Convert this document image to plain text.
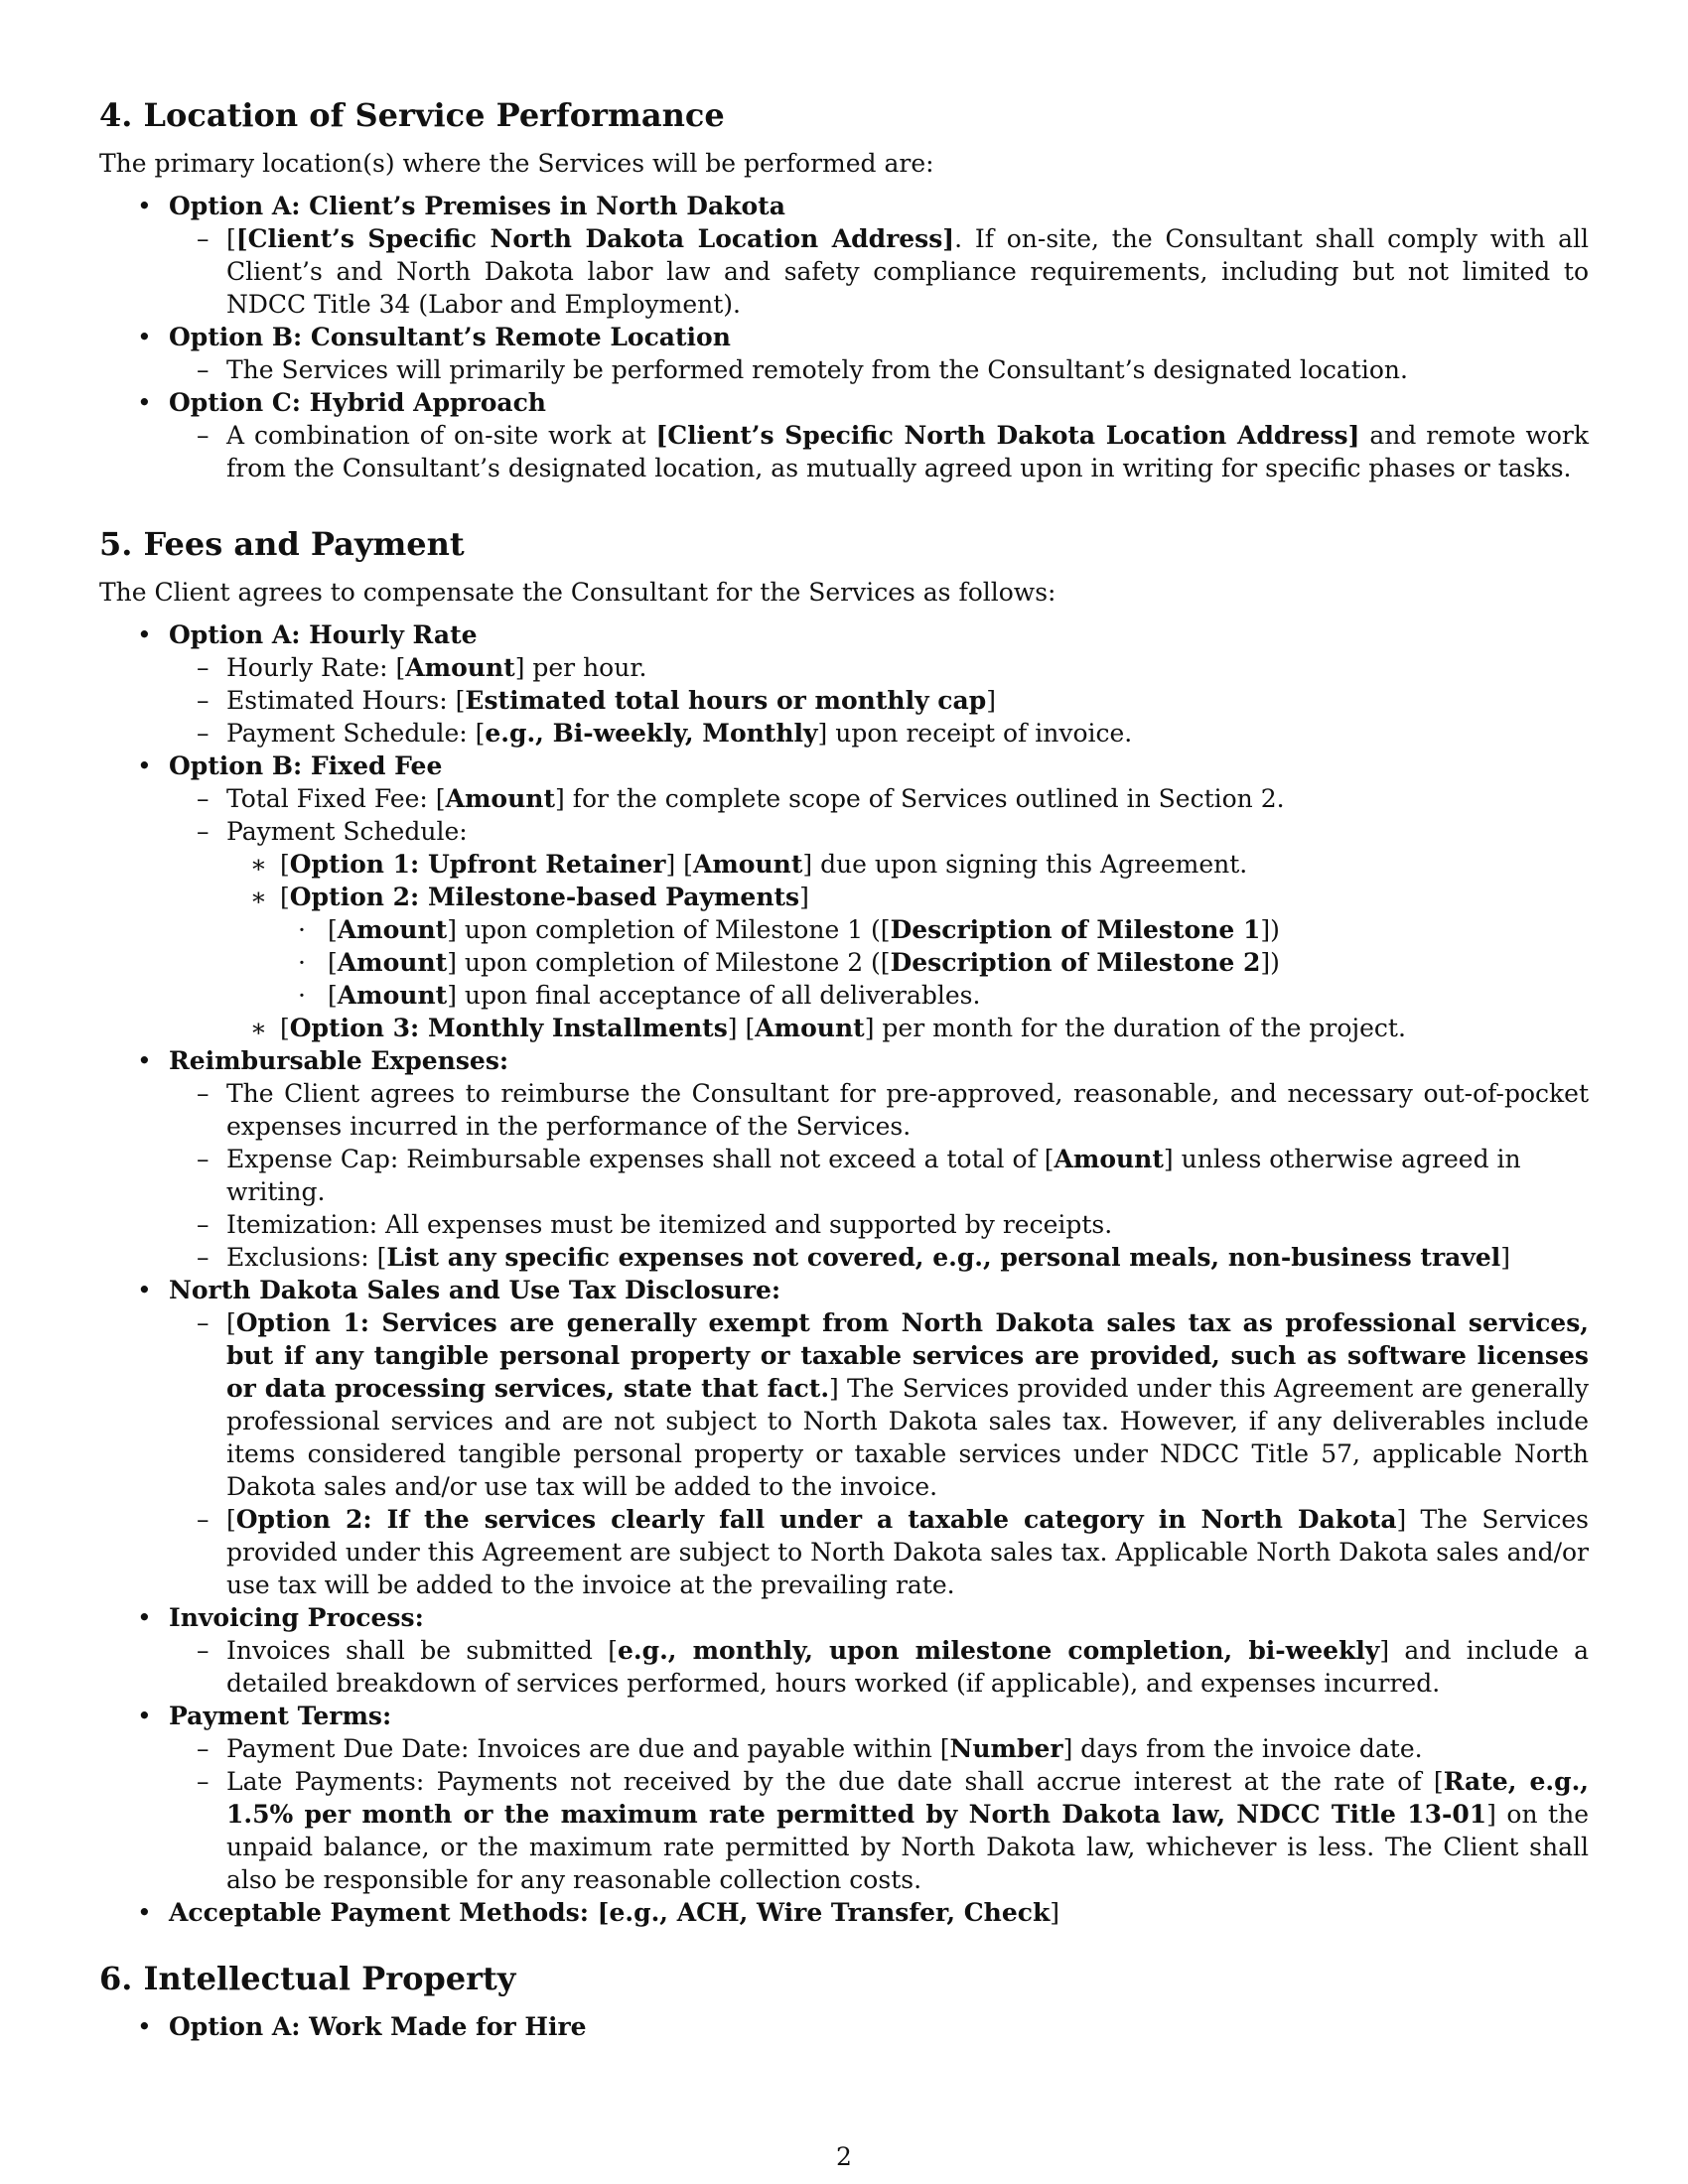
4. Location of Service Performance

The primary location(s) where the Services will be performed are:

• Option A: Client’s Premises in North Dakota
– [[Client’s Specific North Dakota Location Address]. If on-site, the Consultant shall comply with all Client’s and North Dakota labor law and safety compliance requirements, including but not limited to NDCC Title 34 (Labor and Employment).
• Option B: Consultant’s Remote Location
– The Services will primarily be performed remotely from the Consultant’s designated location.
• Option C: Hybrid Approach
– A combination of on-site work at [Client’s Specific North Dakota Location Address] and remote work from the Consultant’s designated location, as mutually agreed upon in writing for specific phases or tasks.
5. Fees and Payment

The Client agrees to compensate the Consultant for the Services as follows:

• Option A: Hourly Rate
– Hourly Rate: [Amount] per hour.
– Estimated Hours: [Estimated total hours or monthly cap]
– Payment Schedule: [e.g., Bi-weekly, Monthly] upon receipt of invoice.
• Option B: Fixed Fee
– Total Fixed Fee: [Amount] for the complete scope of Services outlined in Section 2.
– Payment Schedule:
∗ [Option 1: Upfront Retainer] [Amount] due upon signing this Agreement.
∗ [Option 2: Milestone-based Payments]
· [Amount] upon completion of Milestone 1 ([Description of Milestone 1])
· [Amount] upon completion of Milestone 2 ([Description of Milestone 2])
· [Amount] upon final acceptance of all deliverables.
∗ [Option 3: Monthly Installments] [Amount] per month for the duration of the project.
• Reimbursable Expenses:
– The Client agrees to reimburse the Consultant for pre-approved, reasonable, and necessary out-of-pocket expenses incurred in the performance of the Services.
– Expense Cap: Reimbursable expenses shall not exceed a total of [Amount] unless otherwise agreed in writing.
– Itemization: All expenses must be itemized and supported by receipts.
– Exclusions: [List any specific expenses not covered, e.g., personal meals, non-business travel]
• North Dakota Sales and Use Tax Disclosure:
– [Option 1: Services are generally exempt from North Dakota sales tax as professional services, but if any tangible personal property or taxable services are provided, such as software licenses or data processing services, state that fact.] The Services provided under this Agreement are generally professional services and are not subject to North Dakota sales tax. However, if any deliverables include items considered tangible personal property or taxable services under NDCC Title 57, applicable North Dakota sales and/or use tax will be added to the invoice.
– [Option 2: If the services clearly fall under a taxable category in North Dakota] The Services provided under this Agreement are subject to North Dakota sales tax. Applicable North Dakota sales and/or use tax will be added to the invoice at the prevailing rate.
• Invoicing Process:
– Invoices shall be submitted [e.g., monthly, upon milestone completion, bi-weekly] and include a detailed breakdown of services performed, hours worked (if applicable), and expenses incurred.
• Payment Terms:
– Payment Due Date: Invoices are due and payable within [Number] days from the invoice date.
– Late Payments: Payments not received by the due date shall accrue interest at the rate of [Rate, e.g., 1.5% per month or the maximum rate permitted by North Dakota law, NDCC Title 13-01] on the unpaid balance, or the maximum rate permitted by North Dakota law, whichever is less. The Client shall also be responsible for any reasonable collection costs.
• Acceptable Payment Methods: [e.g., ACH, Wire Transfer, Check]
6. Intellectual Property
• Option A: Work Made for Hire
2
